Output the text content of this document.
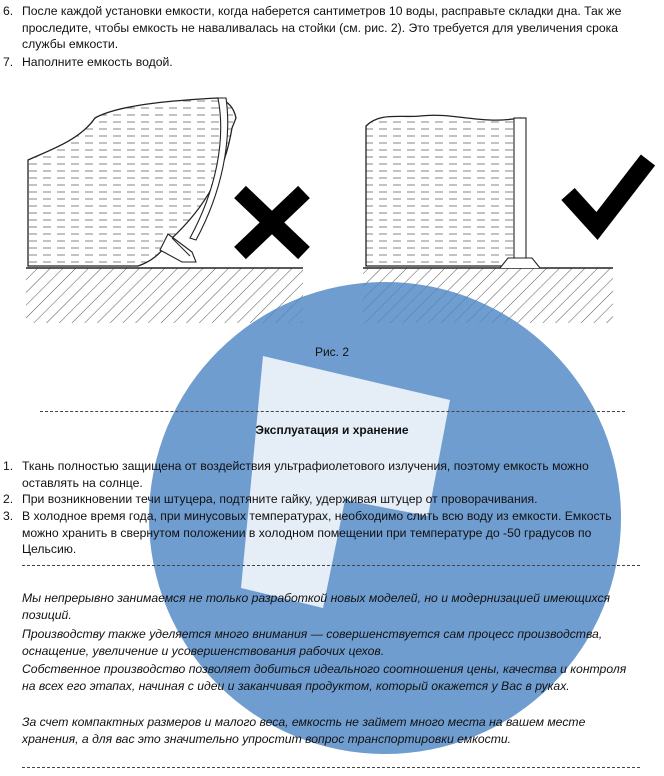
6. После каждой установки емкости, когда наберется сантиметров 10 воды, расправьте складки дна. Так же проследите, чтобы емкость не наваливалась на стойки (см. рис. 2). Это требуется для увеличения срока службы емкости.
7. Наполните емкость водой.
Рис. 2
Эксплуатация и хранение
1. Ткань полностью защищена от воздействия ультрафиолетового излучения, поэтому емкость можно оставлять на солнце.
2. При возникновении течи штуцера, подтяните гайку, удерживая штуцер от проворачивания.
3. В холодное время года, при минусовых температурах, необходимо слить всю воду из емкости. Емкость можно хранить в свернутом положении в холодном помещении при температуре до -50 градусов по Цельсию.
Мы непрерывно занимаемся не только разработкой новых моделей, но и модернизацией имеющихся позиций.
Производству также уделяется много внимания — совершенствуется сам процесс производства, оснащение, увеличение и усовершенствования рабочих цехов.
Собственное производство позволяет добиться идеального соотношения цены, качества и контроля на всех его этапах, начиная с идеи и заканчивая продуктом, который окажется у Вас в руках.
За счет компактных размеров и малого веса, емкость не займет много места на вашем месте хранения, а для вас это значительно упростит вопрос транспортировки емкости.
